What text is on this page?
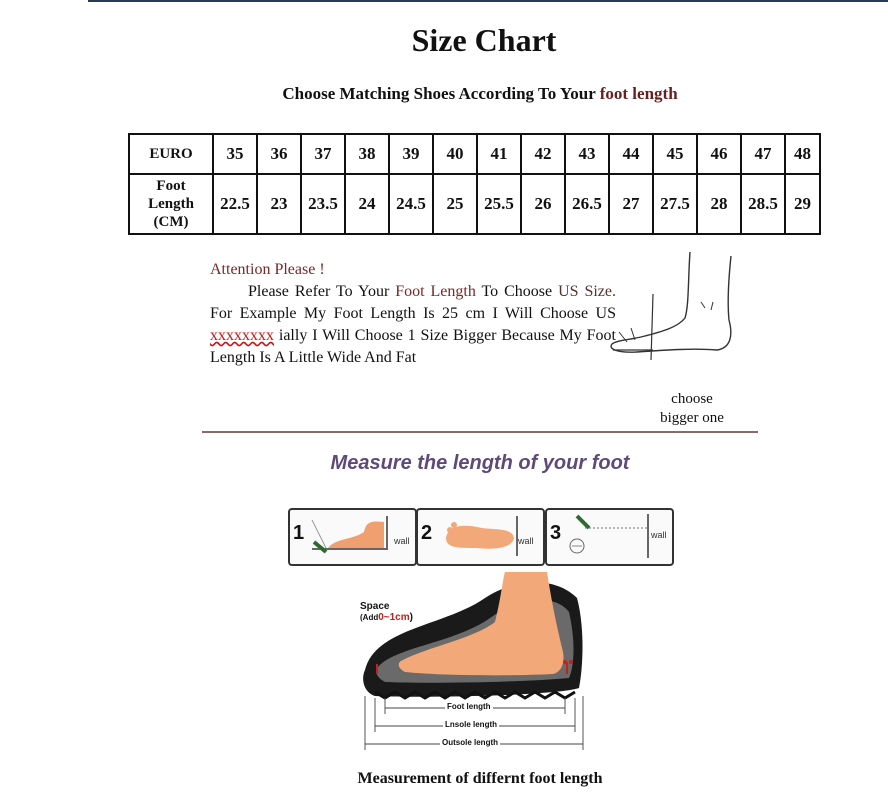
Size Chart
Choose Matching Shoes According To Your foot length
EURO	35	36	37	38	39	40	41	42	43	44	45	46	47	48
Foot
Length
(CM)	22.5	23	23.5	24	24.5	25	25.5	26	26.5	27	27.5	28	28.5	29

Attention Please !

Please Refer To Your Foot Length To Choose US Size. For Example My Foot Length Is 25 cm I Will Choose US xxxxxxxx ially I Will Choose 1 Size Bigger Because My Foot Length Is A Little Wide And Fat

choose
bigger one
Measure the length of your foot
1	wall 2	wall 3	wall
Space
(Add0~1cm)
Foot length
Lnsole length
Outsole length
Measurement of differnt foot length
